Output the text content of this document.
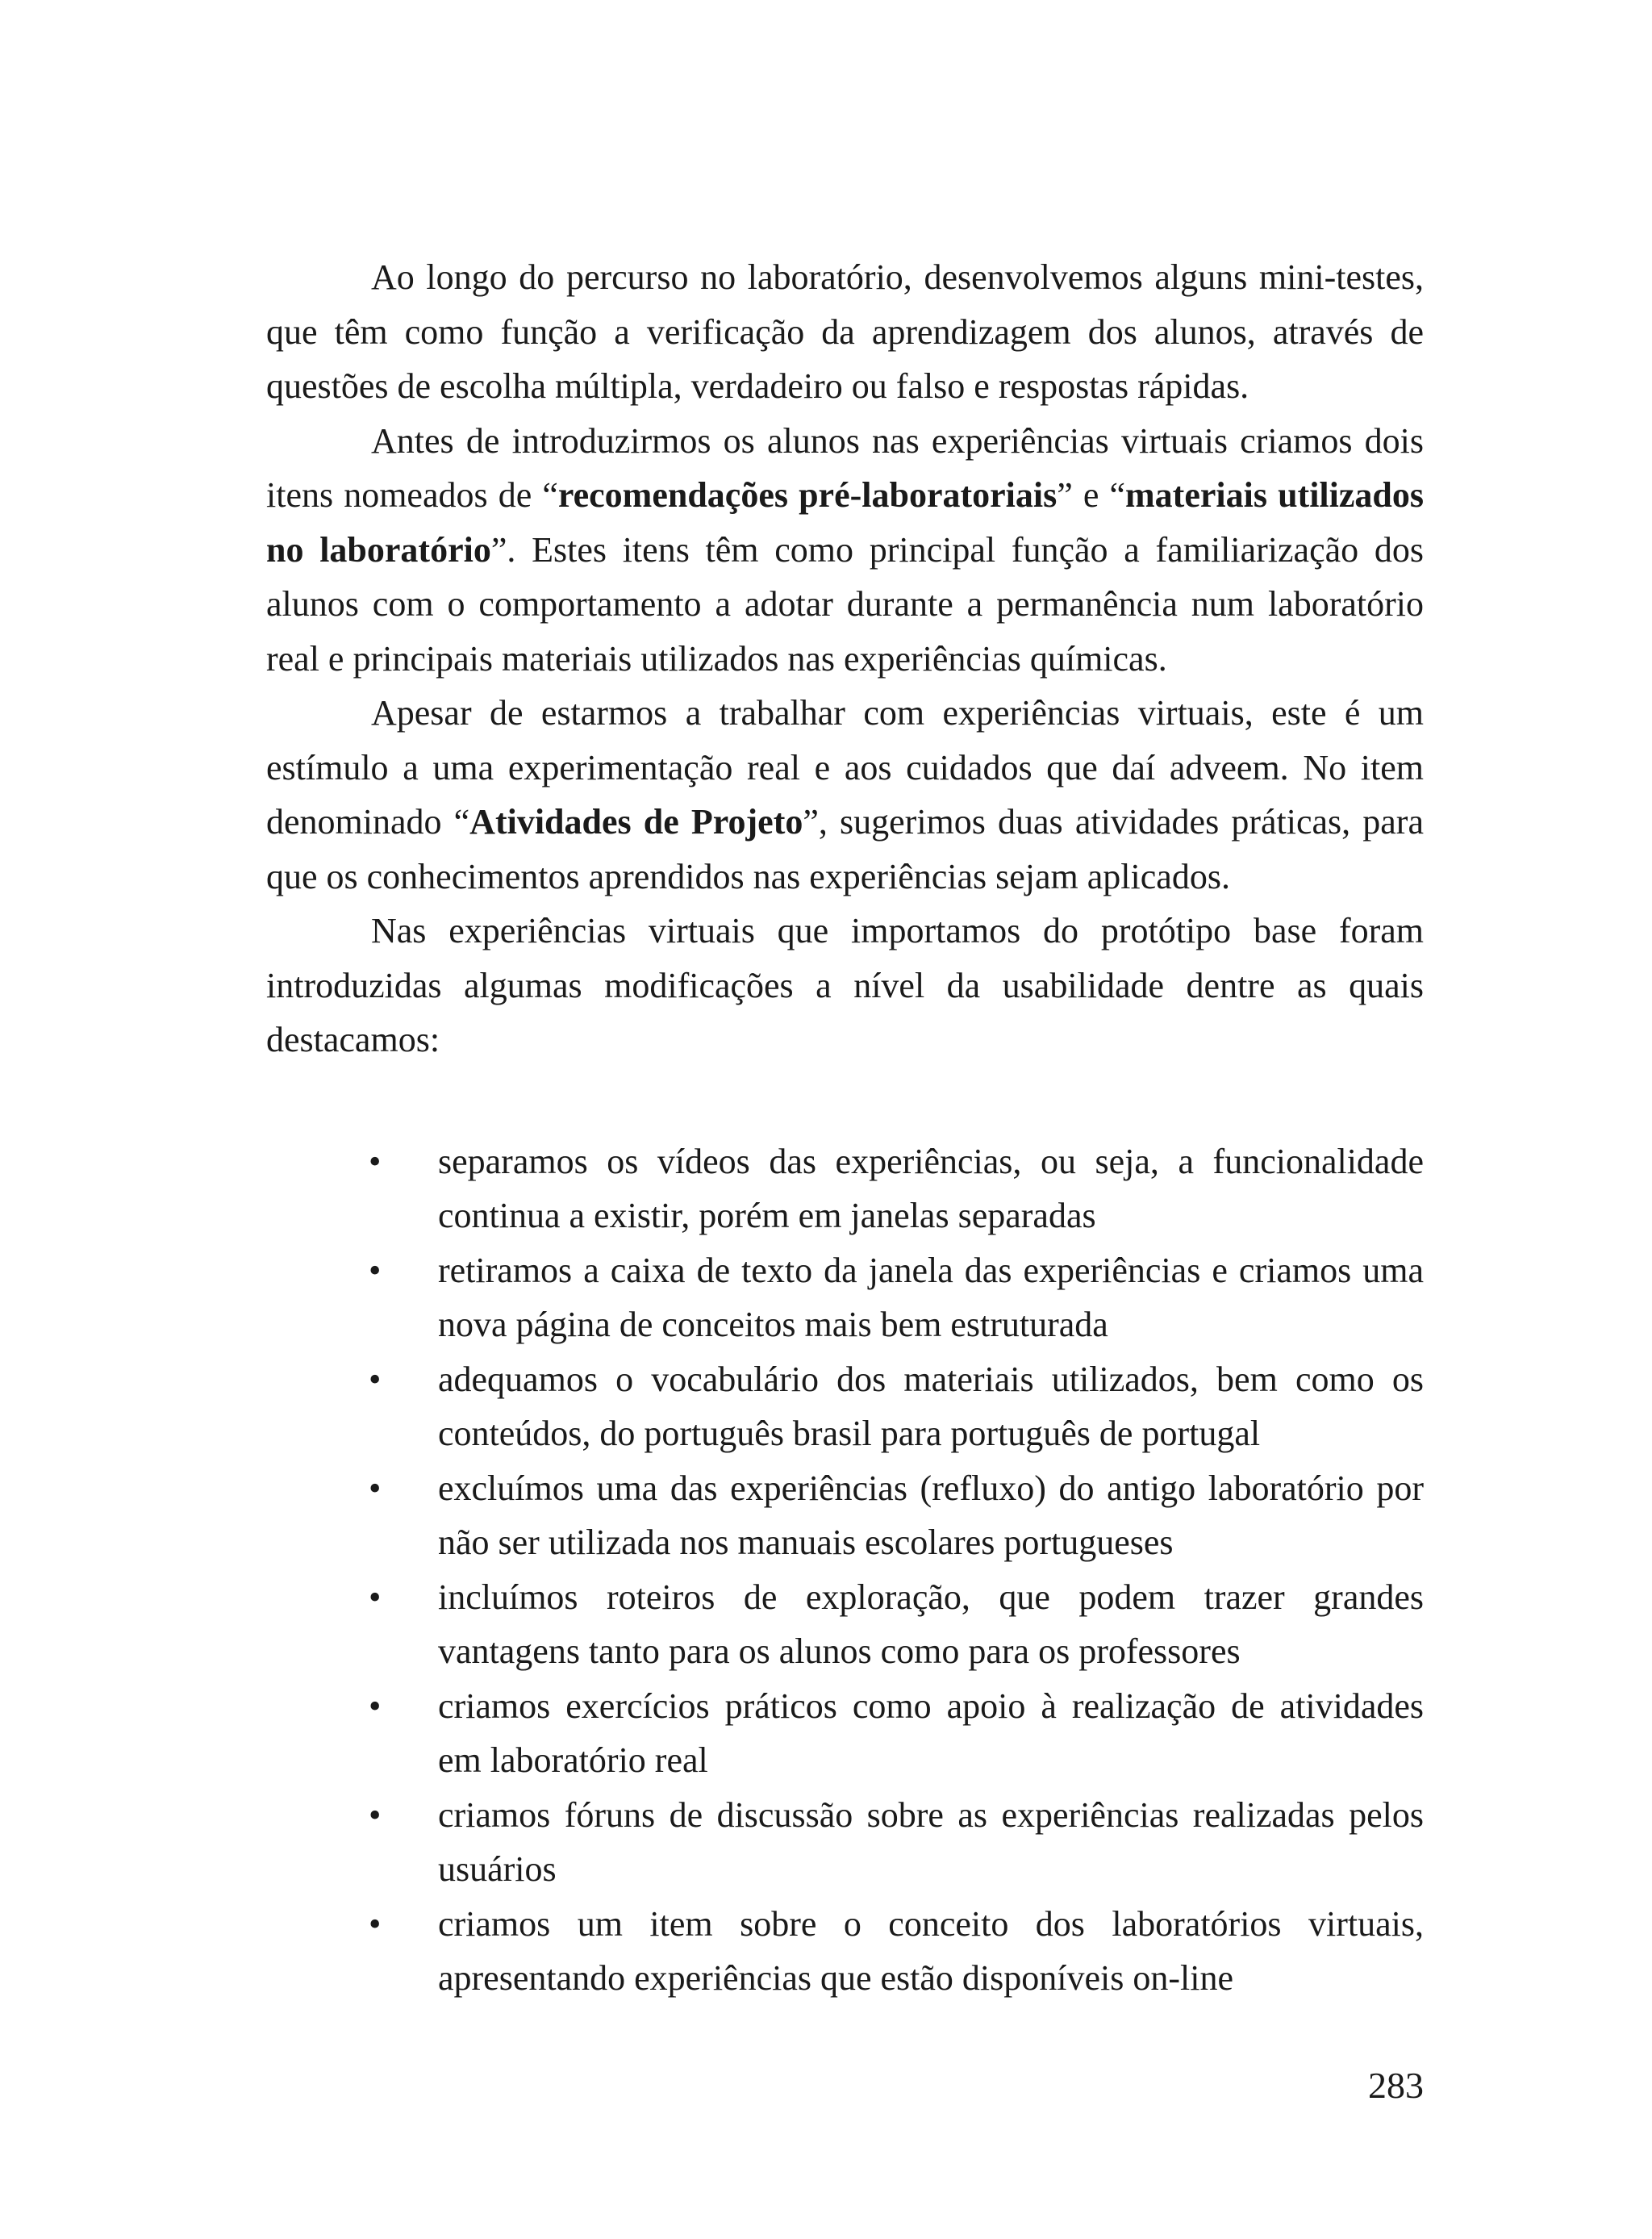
Ao longo do percurso no laboratório, desenvolvemos alguns mini-testes, que têm como função a verificação da aprendizagem dos alunos, através de questões de escolha múltipla, verdadeiro ou falso e respostas rápidas.

Antes de introduzirmos os alunos nas experiências virtuais criamos dois itens nomeados de “recomendações pré-laboratoriais” e “materiais utilizados no laboratório”. Estes itens têm como principal função a familiarização dos alunos com o comportamento a adotar durante a permanência num laboratório real e principais materiais utilizados nas experiências químicas.

Apesar de estarmos a trabalhar com experiências virtuais, este é um estímulo a uma experimentação real e aos cuidados que daí adveem. No item denominado “Atividades de Projeto”, sugerimos duas atividades práticas, para que os conhecimentos aprendidos nas experiências sejam aplicados.

Nas experiências virtuais que importamos do protótipo base foram introduzidas algumas modificações a nível da usabilidade dentre as quais destacamos:

• separamos os vídeos das experiências, ou seja, a funcionalidade continua a existir, porém em janelas separadas
• retiramos a caixa de texto da janela das experiências e criamos uma nova página de conceitos mais bem estruturada
• adequamos o vocabulário dos materiais utilizados, bem como os conteúdos, do português brasil para português de portugal
• excluímos uma das experiências (refluxo) do antigo laboratório por não ser utilizada nos manuais escolares portugueses
• incluímos roteiros de exploração, que podem trazer grandes vantagens tanto para os alunos como para os professores
• criamos exercícios práticos como apoio à realização de atividades em laboratório real
• criamos fóruns de discussão sobre as experiências realizadas pelos usuários
• criamos um item sobre o conceito dos laboratórios virtuais, apresentando experiências que estão disponíveis on-line
283
